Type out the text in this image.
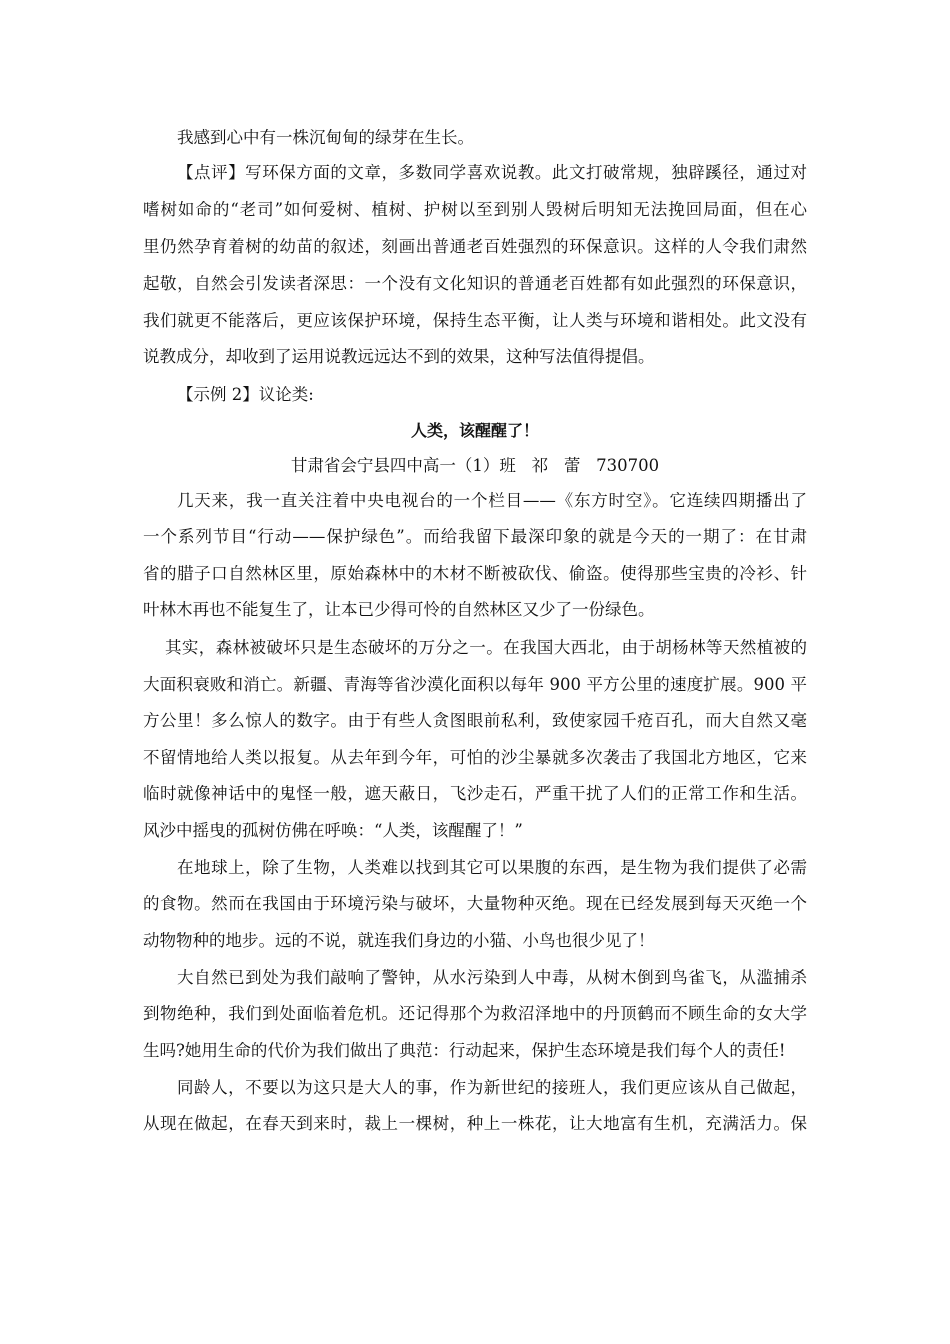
我感到心中有一株沉甸甸的绿芽在生长。
【点评】写环保方面的文章，多数同学喜欢说教。此文打破常规，独辟蹊径，通过对
嗜树如命的“老司”如何爱树、植树、护树以至到别人毁树后明知无法挽回局面，但在心
里仍然孕育着树的幼苗的叙述，刻画出普通老百姓强烈的环保意识。这样的人令我们肃然
起敬，自然会引发读者深思：一个没有文化知识的普通老百姓都有如此强烈的环保意识，
我们就更不能落后，更应该保护环境，保持生态平衡，让人类与环境和谐相处。此文没有
说教成分，却收到了运用说教远远达不到的效果，这种写法值得提倡。
【示例 2】议论类:
人类，该醒醒了！
甘肃省会宁县四中高一（1）班   祁   蕾   730700
几天来，我一直关注着中央电视台的一个栏目——《东方时空》。它连续四期播出了
一个系列节目“行动——保护绿色”。而给我留下最深印象的就是今天的一期了：在甘肃
省的腊子口自然林区里，原始森林中的木材不断被砍伐、偷盗。使得那些宝贵的冷衫、针
叶林木再也不能复生了，让本已少得可怜的自然林区又少了一份绿色。
其实，森林被破坏只是生态破坏的万分之一。在我国大西北，由于胡杨林等天然植被的
大面积衰败和消亡。新疆、青海等省沙漠化面积以每年 900 平方公里的速度扩展。900 平
方公里！多么惊人的数字。由于有些人贪图眼前私利，致使家园千疮百孔，而大自然又毫
不留情地给人类以报复。从去年到今年，可怕的沙尘暴就多次袭击了我国北方地区，它来
临时就像神话中的鬼怪一般，遮天蔽日，飞沙走石，严重干扰了人们的正常工作和生活。
风沙中摇曳的孤树仿佛在呼唤：“人类，该醒醒了！”
在地球上，除了生物，人类难以找到其它可以果腹的东西，是生物为我们提供了必需
的食物。然而在我国由于环境污染与破坏，大量物种灭绝。现在已经发展到每天灭绝一个
动物物种的地步。远的不说，就连我们身边的小猫、小鸟也很少见了！
大自然已到处为我们敲响了警钟，从水污染到人中毒，从树木倒到鸟雀飞，从滥捕杀
到物绝种，我们到处面临着危机。还记得那个为救沼泽地中的丹顶鹤而不顾生命的女大学
生吗?她用生命的代价为我们做出了典范：行动起来，保护生态环境是我们每个人的责任!
同龄人，不要以为这只是大人的事，作为新世纪的接班人，我们更应该从自己做起，
从现在做起，在春天到来时，裁上一棵树，种上一株花，让大地富有生机，充满活力。保
